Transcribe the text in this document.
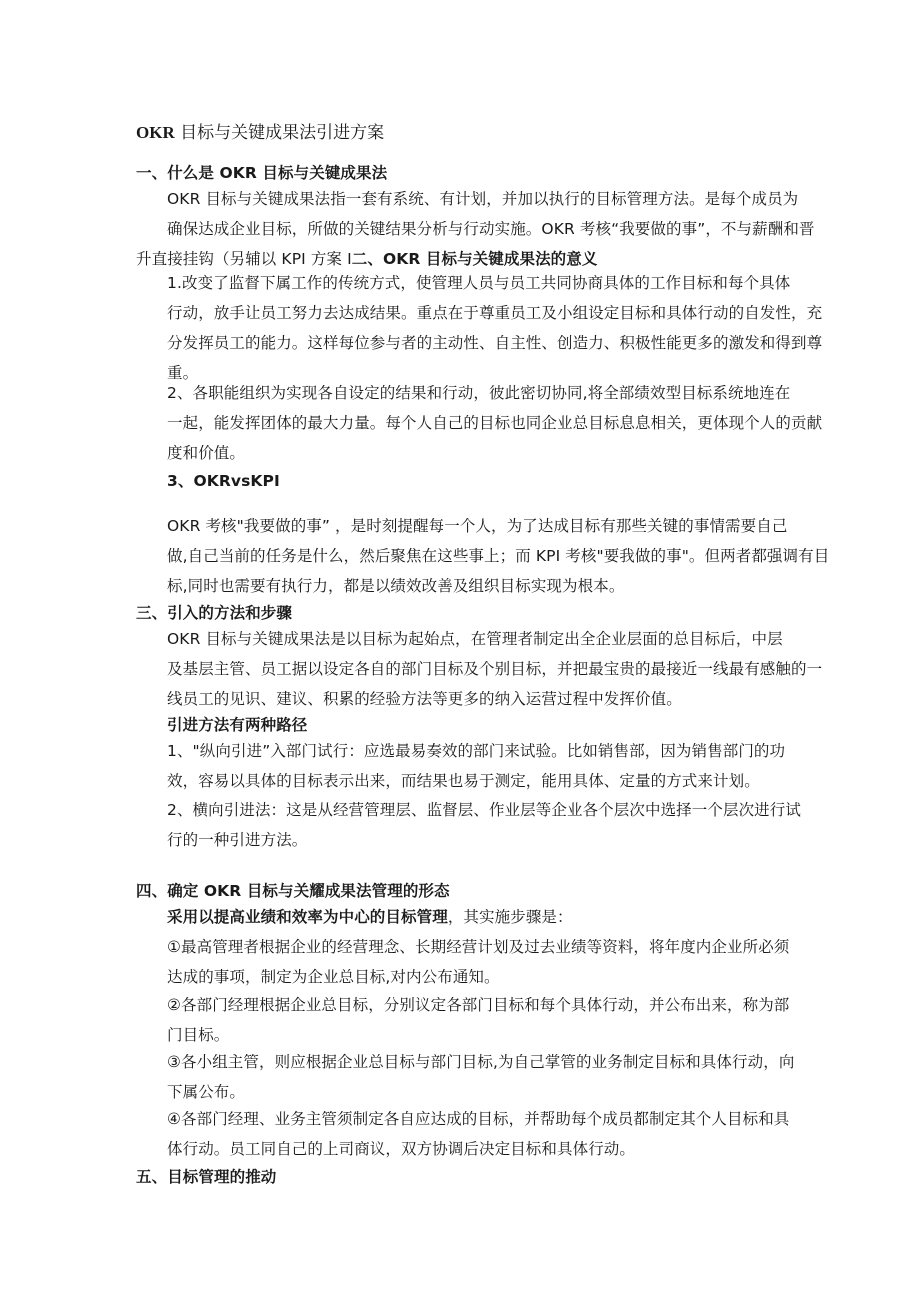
OKR 目标与关键成果法引进方案
一、什么是 OKR 目标与关键成果法
OKR 目标与关键成果法指一套有系统、有计划，并加以执行的目标管理方法。是每个成员为
确保达成企业目标，所做的关键结果分析与行动实施。OKR 考核“我要做的事”，不与薪酬和晋
升直接挂钩（另辅以 KPI 方案 I二、OKR 目标与关键成果法的意义
1.改变了监督下属工作的传统方式，使管理人员与员工共同协商具体的工作目标和每个具体
行动，放手让员工努力去达成结果。重点在于尊重员工及小组设定目标和具体行动的自发性，充
分发挥员工的能力。这样每位参与者的主动性、自主性、创造力、积极性能更多的激发和得到尊
重。
2、各职能组织为实现各自设定的结果和行动，彼此密切协同,将全部绩效型目标系统地连在
一起，能发挥团体的最大力量。每个人自己的目标也同企业总目标息息相关，更体现个人的贡献
度和价值。
3、OKRvsKPI
OKR 考核"我要做的事” ，是时刻提醒每一个人，为了达成目标有那些关键的事情需要自己
做,自己当前的任务是什么，然后聚焦在这些事上；而 KPI 考核"要我做的事"。但两者都强调有目
标,同时也需要有执行力，都是以绩效改善及组织目标实现为根本。
三、引入的方法和步骤
OKR 目标与关键成果法是以目标为起始点，在管理者制定出全企业层面的总目标后，中层
及基层主管、员工据以设定各自的部门目标及个别目标，并把最宝贵的最接近一线最有感触的一
线员工的见识、建议、积累的经验方法等更多的纳入运营过程中发挥价值。
引进方法有两种路径
1、"纵向引进”入部门试行：应选最易奏效的部门来试验。比如销售部，因为销售部门的功
效，容易以具体的目标表示出来，而结果也易于测定，能用具体、定量的方式来计划。
2、横向引进法：这是从经营管理层、监督层、作业层等企业各个层次中选择一个层次进行试
行的一种引进方法。
四、确定 OKR 目标与关耀成果法管理的形态
采用以提高业绩和效率为中心的目标管理，其实施步骤是：
①最高管理者根据企业的经营理念、长期经营计划及过去业绩等资料，将年度内企业所必须
达成的事项，制定为企业总目标,对内公布通知。
②各部门经理根据企业总目标，分别议定各部门目标和每个具体行动，并公布出来，称为部
门目标。
③各小组主管，则应根据企业总目标与部门目标,为自己掌管的业务制定目标和具体行动，向
下属公布。
④各部门经理、业务主管须制定各自应达成的目标，并帮助每个成员都制定其个人目标和具
体行动。员工同自己的上司商议，双方协调后决定目标和具体行动。
五、目标管理的推动
